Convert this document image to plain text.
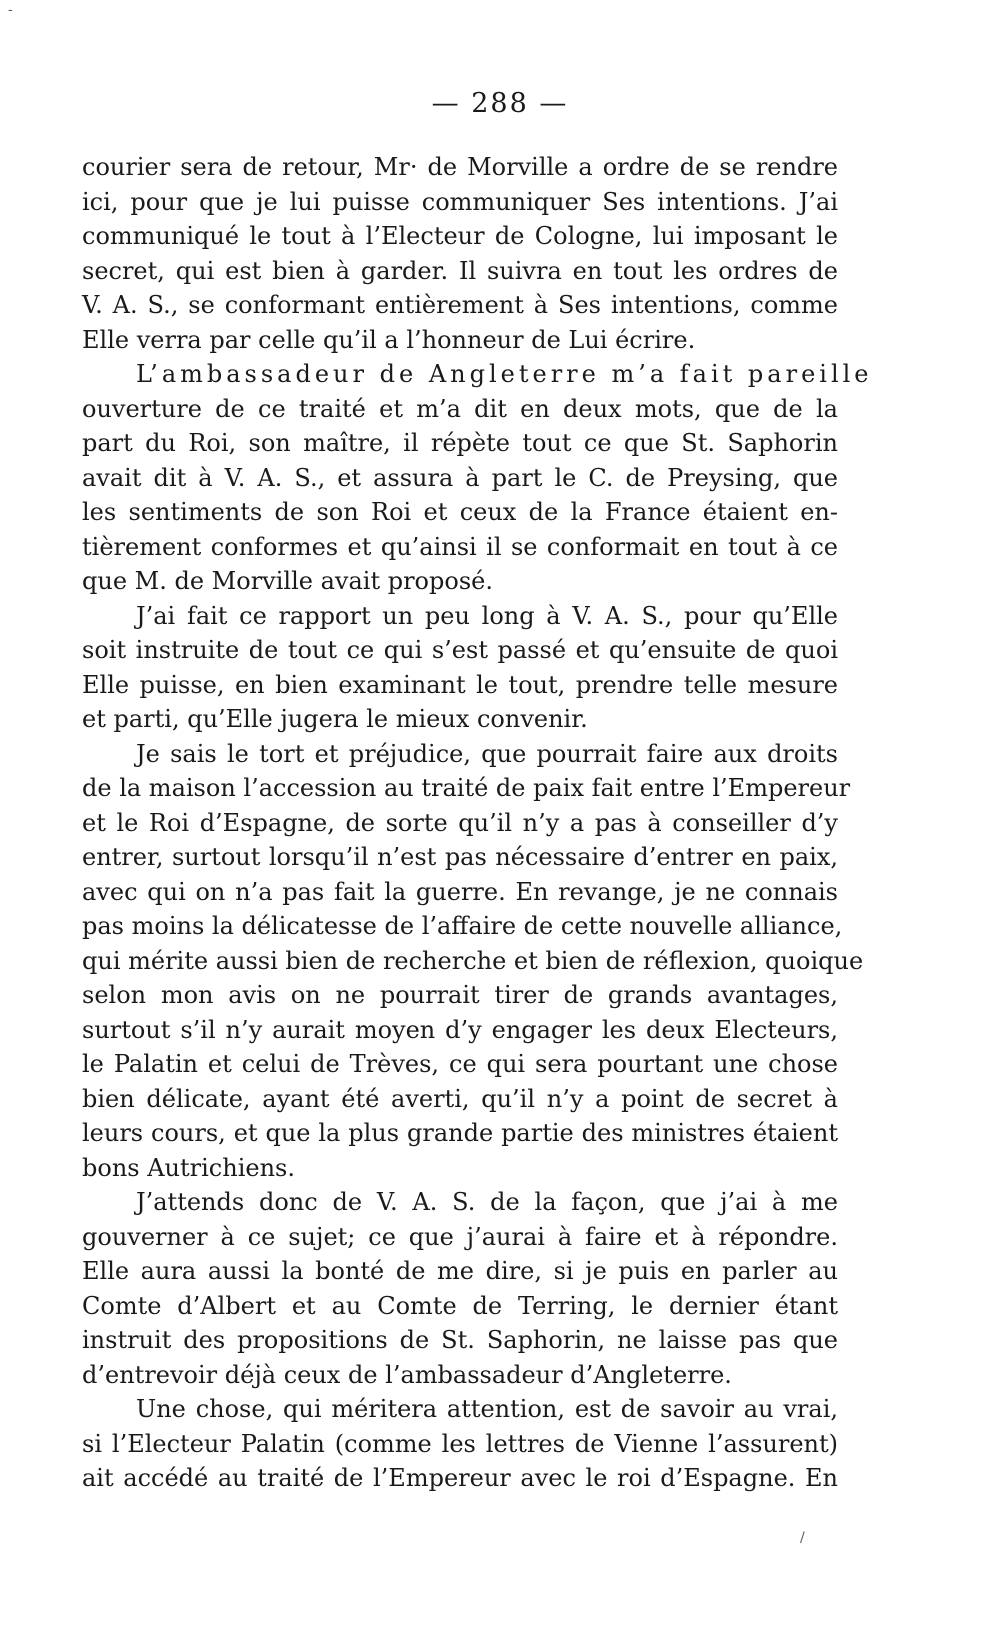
-
— 288 —
courier sera de retour, Mr· de Morville a ordre de se rendre
ici, pour que je lui puisse communiquer Ses intentions. J’ai
communiqué le tout à l’Electeur de Cologne, lui imposant le
secret, qui est bien à garder. Il suivra en tout les ordres de
V. A. S., se conformant entièrement à Ses intentions, comme
Elle verra par celle qu’il a l’honneur de Lui écrire.
L’ambassadeur de Angleterre m’a fait pareille
ouverture de ce traité et m’a dit en deux mots, que de la
part du Roi, son maître, il répète tout ce que St. Saphorin
avait dit à V. A. S., et assura à part le C. de Preysing, que
les sentiments de son Roi et ceux de la France étaient en-
tièrement conformes et qu’ainsi il se conformait en tout à ce
que M. de Morville avait proposé.
J’ai fait ce rapport un peu long à V. A. S., pour qu’Elle
soit instruite de tout ce qui s’est passé et qu’ensuite de quoi
Elle puisse, en bien examinant le tout, prendre telle mesure
et parti, qu’Elle jugera le mieux convenir.
Je sais le tort et préjudice, que pourrait faire aux droits
de la maison l’accession au traité de paix fait entre l’Empereur
et le Roi d’Espagne, de sorte qu’il n’y a pas à conseiller d’y
entrer, surtout lorsqu’il n’est pas nécessaire d’entrer en paix,
avec qui on n’a pas fait la guerre. En revange, je ne connais
pas moins la délicatesse de l’affaire de cette nouvelle alliance,
qui mérite aussi bien de recherche et bien de réflexion, quoique
selon mon avis on ne pourrait tirer de grands avantages,
surtout s’il n’y aurait moyen d’y engager les deux Electeurs,
le Palatin et celui de Trèves, ce qui sera pourtant une chose
bien délicate, ayant été averti, qu’il n’y a point de secret à
leurs cours, et que la plus grande partie des ministres étaient
bons Autrichiens.
J’attends donc de V. A. S. de la façon, que j’ai à me
gouverner à ce sujet; ce que j’aurai à faire et à répondre.
Elle aura aussi la bonté de me dire, si je puis en parler au
Comte d’Albert et au Comte de Terring, le dernier étant
instruit des propositions de St. Saphorin, ne laisse pas que
d’entrevoir déjà ceux de l’ambassadeur d’Angleterre.
Une chose, qui méritera attention, est de savoir au vrai,
si l’Electeur Palatin (comme les lettres de Vienne l’assurent)
ait accédé au traité de l’Empereur avec le roi d’Espagne. En
/
